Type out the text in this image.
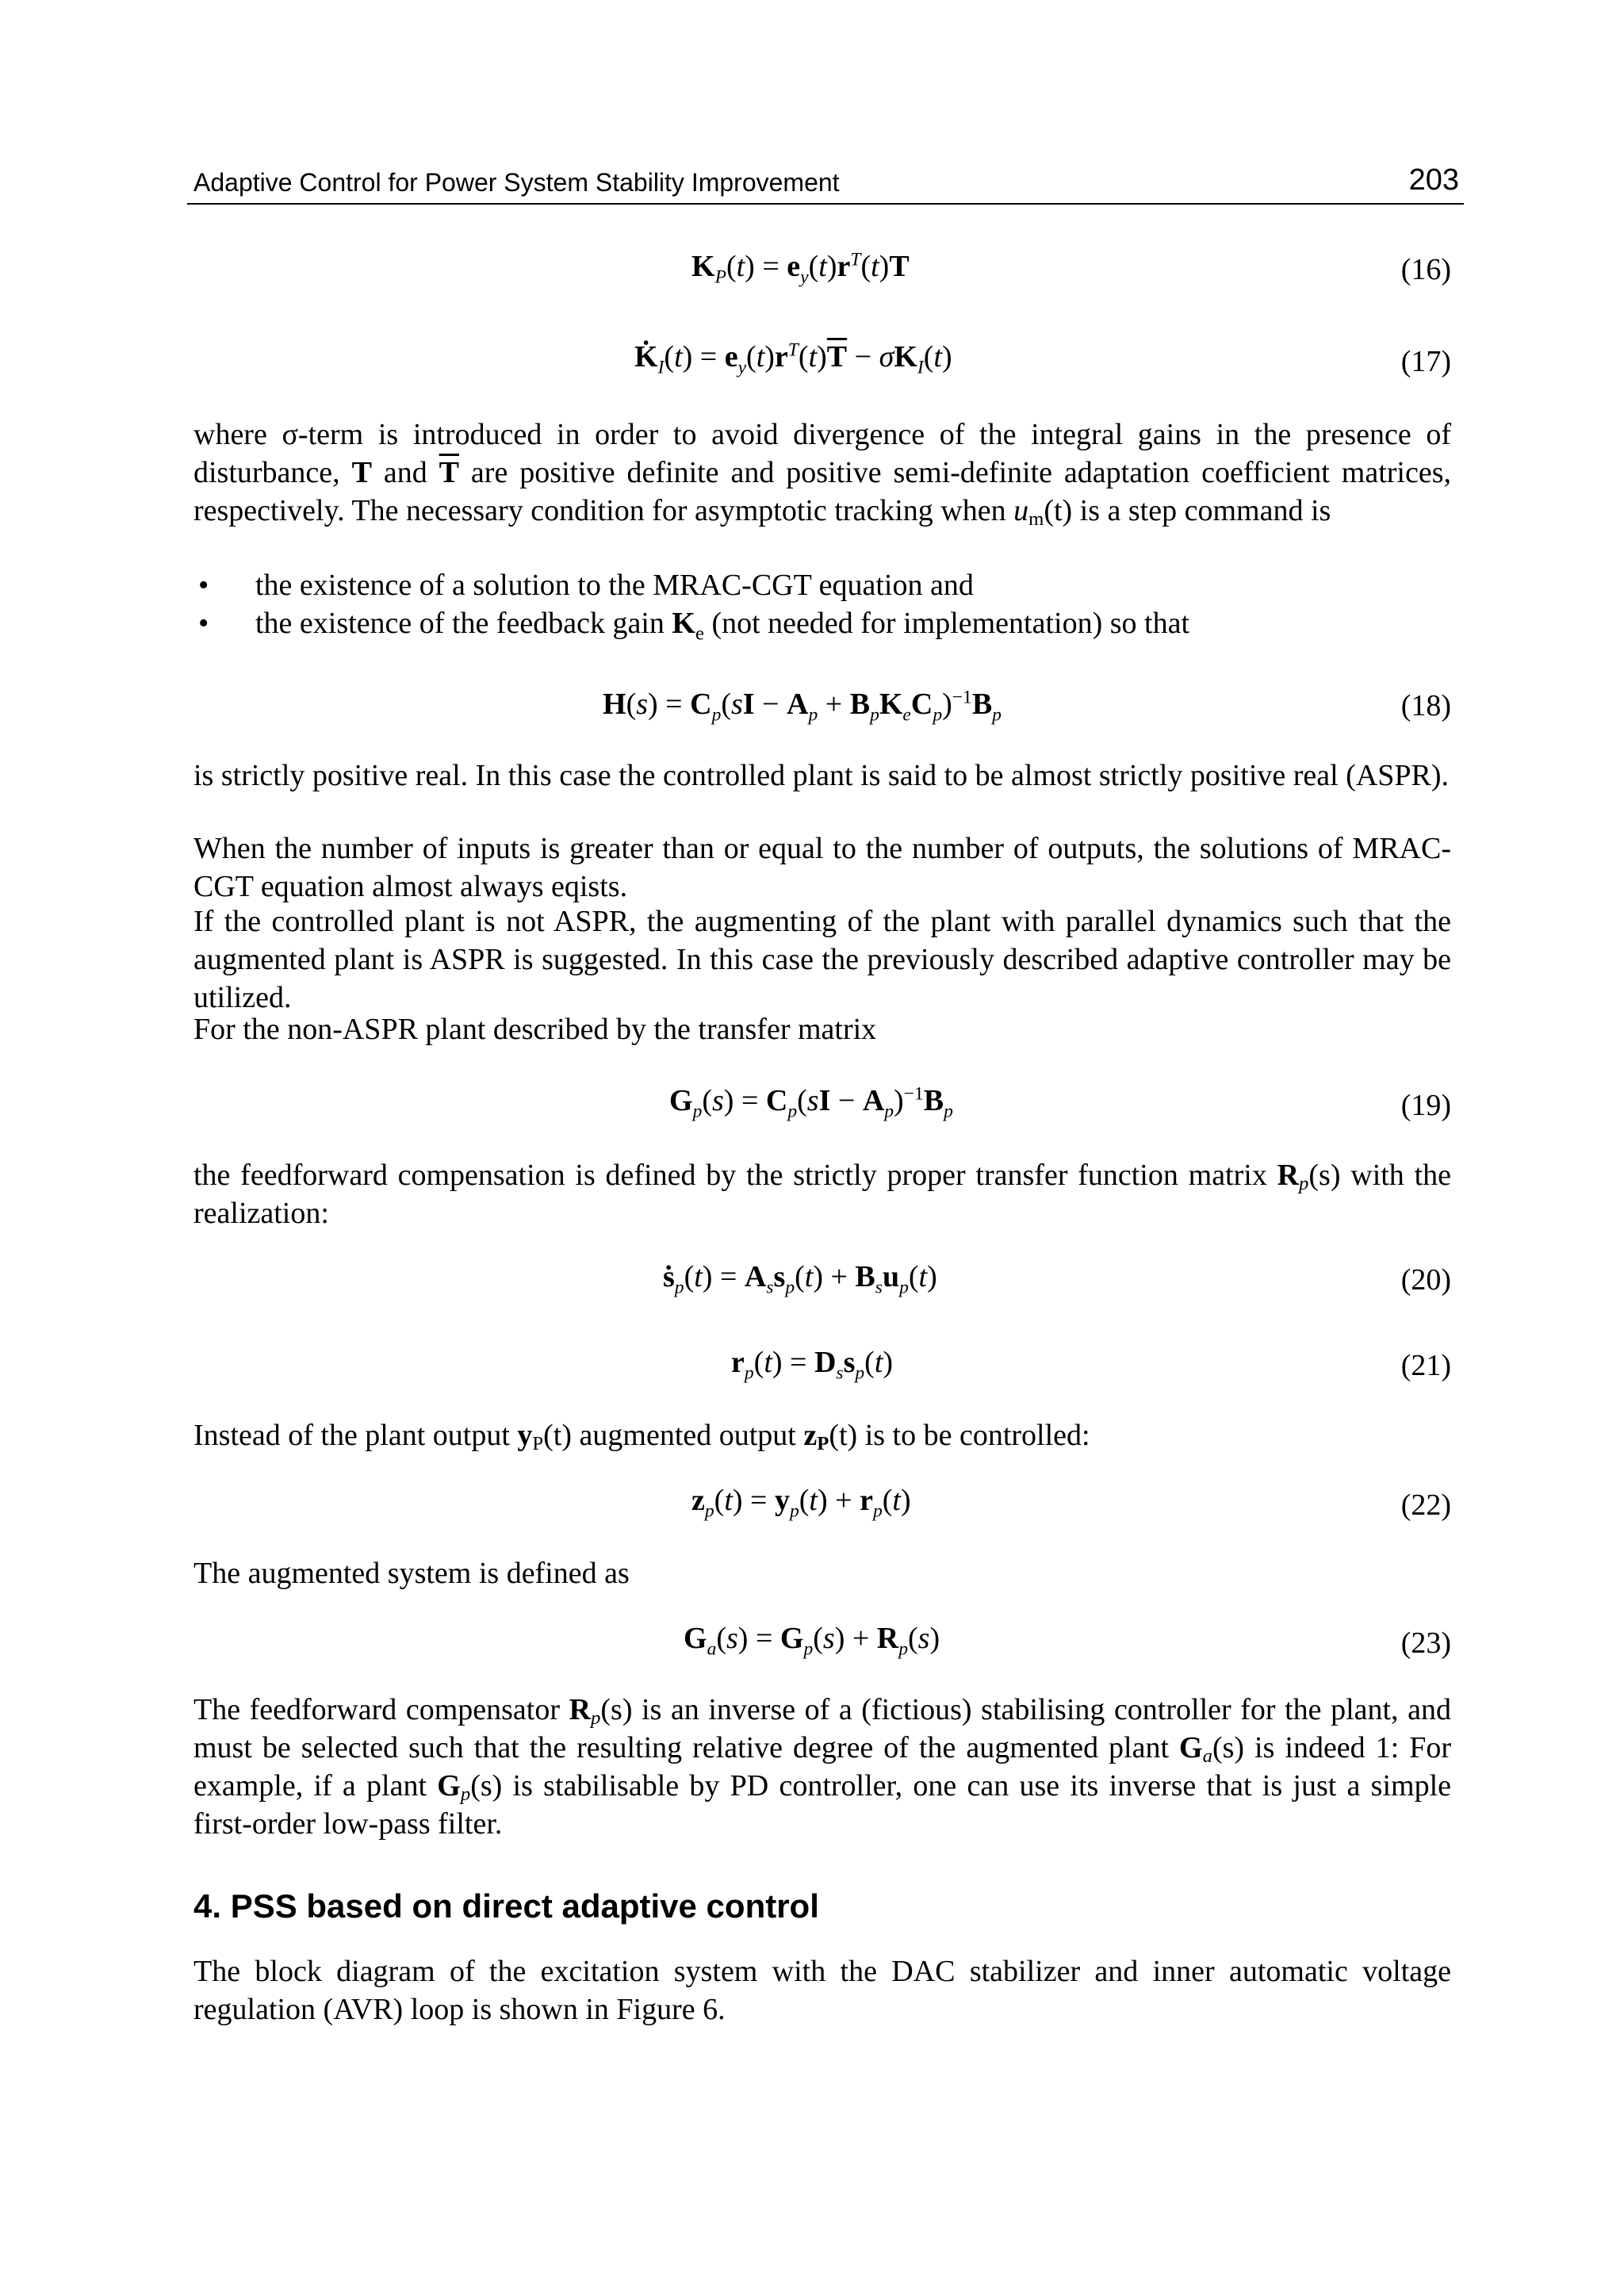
Adaptive Control for Power System Stability Improvement	203
$K_P(t) = e_y(t)r^T(t)T$	(16)
$K̇_I(t) = e_y(t)r^T(t)\overline{T} - \sigma K_I(t)$	(17)
where σ-term is introduced in order to avoid divergence of the integral gains in the presence of disturbance, T and $\overline{T}$ are positive definite and positive semi-definite adaptation coefficient matrices, respectively. The necessary condition for asymptotic tracking when $u_m(t)$ is a step command is
• the existence of a solution to the MRAC-CGT equation and
• the existence of the feedback gain $K_e$ (not needed for implementation) so that
$H(s) = C_p(sI - A_p + B_pK_eC_p)^{-1}B_p$	(18)
is strictly positive real. In this case the controlled plant is said to be almost strictly positive real (ASPR).
When the number of inputs is greater than or equal to the number of outputs, the solutions of MRAC-CGT equation almost always eqists.
If the controlled plant is not ASPR, the augmenting of the plant with parallel dynamics such that the augmented plant is ASPR is suggested. In this case the previously described adaptive controller may be utilized.
For the non-ASPR plant described by the transfer matrix
$G_p(s) = C_p(sI - A_p)^{-1}B_p$	(19)
the feedforward compensation is defined by the strictly proper transfer function matrix $R_p(s)$ with the realization:
$ṡ_p(t) = A_ss_p(t) + B_su_p(t)$	(20)
$r_p(t) = D_ss_p(t)$	(21)
Instead of the plant output $y_P(t)$ augmented output $z_P(t)$ is to be controlled:
$z_p(t) = y_p(t) + r_p(t)$	(22)
The augmented system is defined as
$G_a(s) = G_p(s) + R_p(s)$	(23)
The feedforward compensator $R_p(s)$ is an inverse of a (fictious) stabilising controller for the plant, and must be selected such that the resulting relative degree of the augmented plant $G_a(s)$ is indeed 1: For example, if a plant $G_p(s)$ is stabilisable by PD controller, one can use its inverse that is just a simple first-order low-pass filter.
4. PSS based on direct adaptive control
The block diagram of the excitation system with the DAC stabilizer and inner automatic voltage regulation (AVR) loop is shown in Figure 6.
